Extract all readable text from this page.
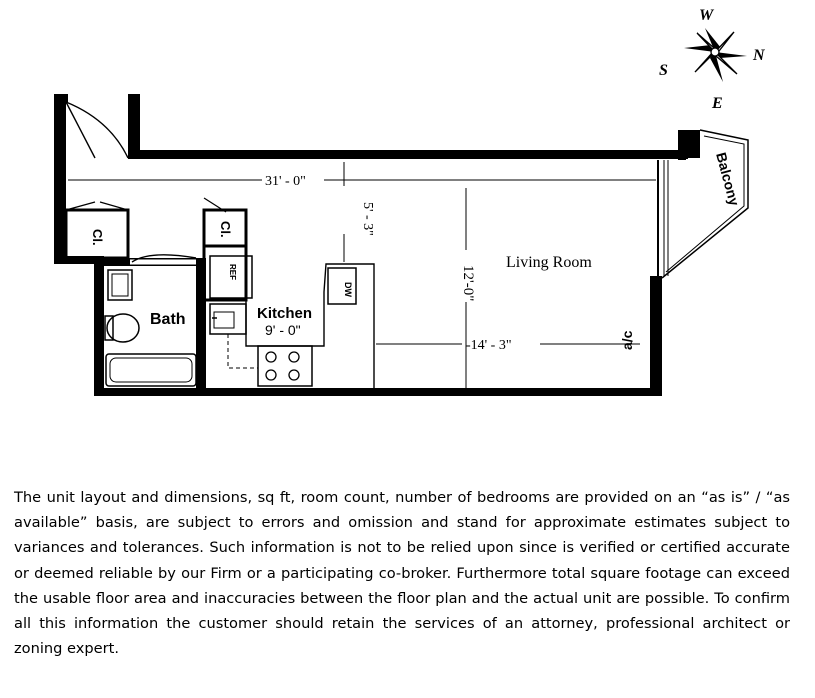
W
N
S
E
Cl.	Cl.
Bath
REF
DW
Kitchen
9' - 0"
Balcony
31' - 0"
5' - 3"
12'-0"
-14' - 3"
Living Room
a/c

The unit layout and dimensions, sq ft, room count, number of bedrooms are provided on an “as is” / “as available” basis, are subject to errors and omission and stand for approximate estimates subject to variances and tolerances. Such information is not to be relied upon since is verified or certified accurate or deemed reliable by our Firm or a participating co-broker. Furthermore total square footage can exceed the usable floor area and inaccuracies between the floor plan and the actual unit are possible. To confirm all this information the customer should retain the services of an attorney, professional architect or zoning expert.
